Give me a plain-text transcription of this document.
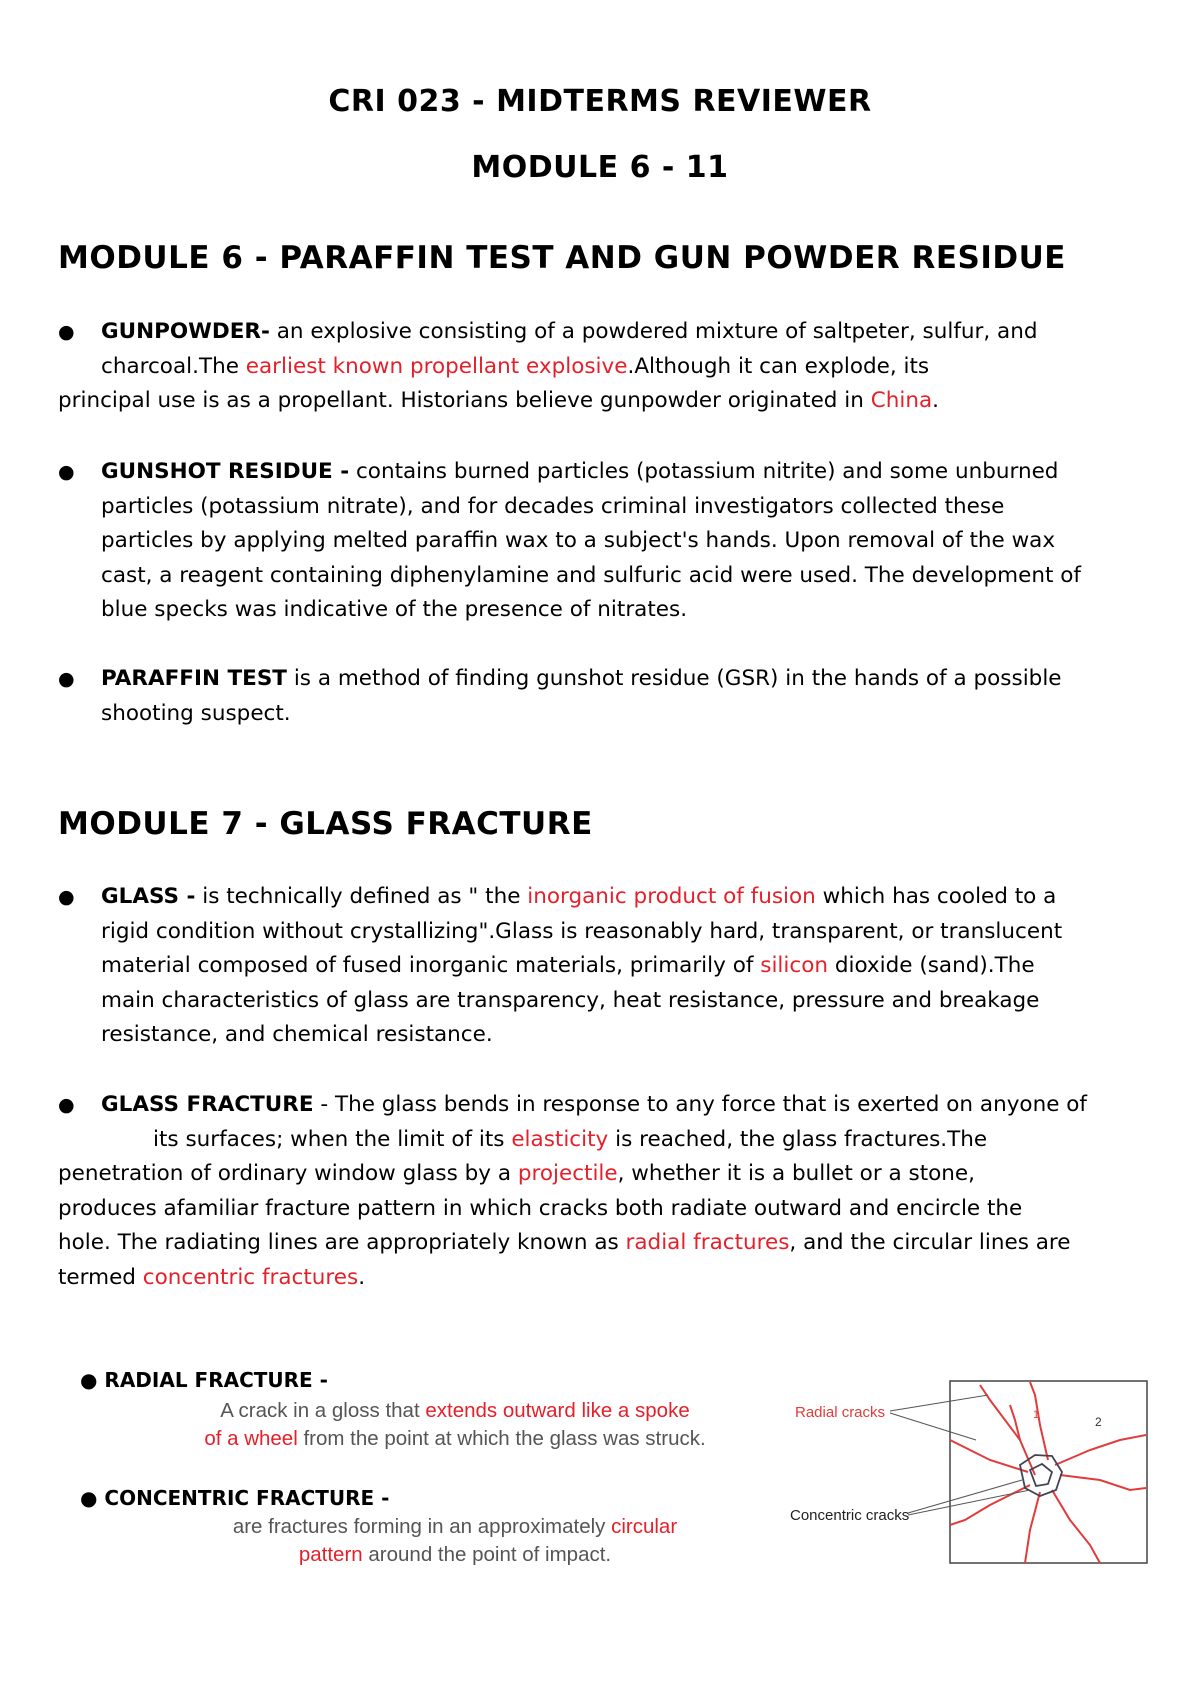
CRI 023 - MIDTERMS REVIEWER
MODULE 6 - 11
MODULE 6 - PARAFFIN TEST AND GUN POWDER RESIDUE
● GUNPOWDER- an explosive consisting of a powdered mixture of saltpeter, sulfur, and
charcoal.The earliest known propellant explosive.Although it can explode, its
principal use is as a propellant. Historians believe gunpowder originated in China.
● GUNSHOT RESIDUE - contains burned particles (potassium nitrite) and some unburned
particles (potassium nitrate), and for decades criminal investigators collected these
particles by applying melted paraffin wax to a subject's hands. Upon removal of the wax
cast, a reagent containing diphenylamine and sulfuric acid were used. The development of
blue specks was indicative of the presence of nitrates.
● PARAFFIN TEST is a method of finding gunshot residue (GSR) in the hands of a possible
shooting suspect.
MODULE 7 - GLASS FRACTURE
● GLASS - is technically defined as " the inorganic product of fusion which has cooled to a
rigid condition without crystallizing".Glass is reasonably hard, transparent, or translucent
material composed of fused inorganic materials, primarily of silicon dioxide (sand).The
main characteristics of glass are transparency, heat resistance, pressure and breakage
resistance, and chemical resistance.
● GLASS FRACTURE - The glass bends in response to any force that is exerted on anyone of
its surfaces; when the limit of its elasticity is reached, the glass fractures.The
penetration of ordinary window glass by a projectile, whether it is a bullet or a stone,
produces afamiliar fracture pattern in which cracks both radiate outward and encircle the
hole. The radiating lines are appropriately known as radial fractures, and the circular lines are
termed concentric fractures.
● RADIAL FRACTURE -
A crack in a gloss that extends outward like a spoke
of a wheel from the point at which the glass was struck.
● CONCENTRIC FRACTURE -
are fractures forming in an approximately circular
pattern around the point of impact.
Radial cracks
Concentric cracks
1	2
